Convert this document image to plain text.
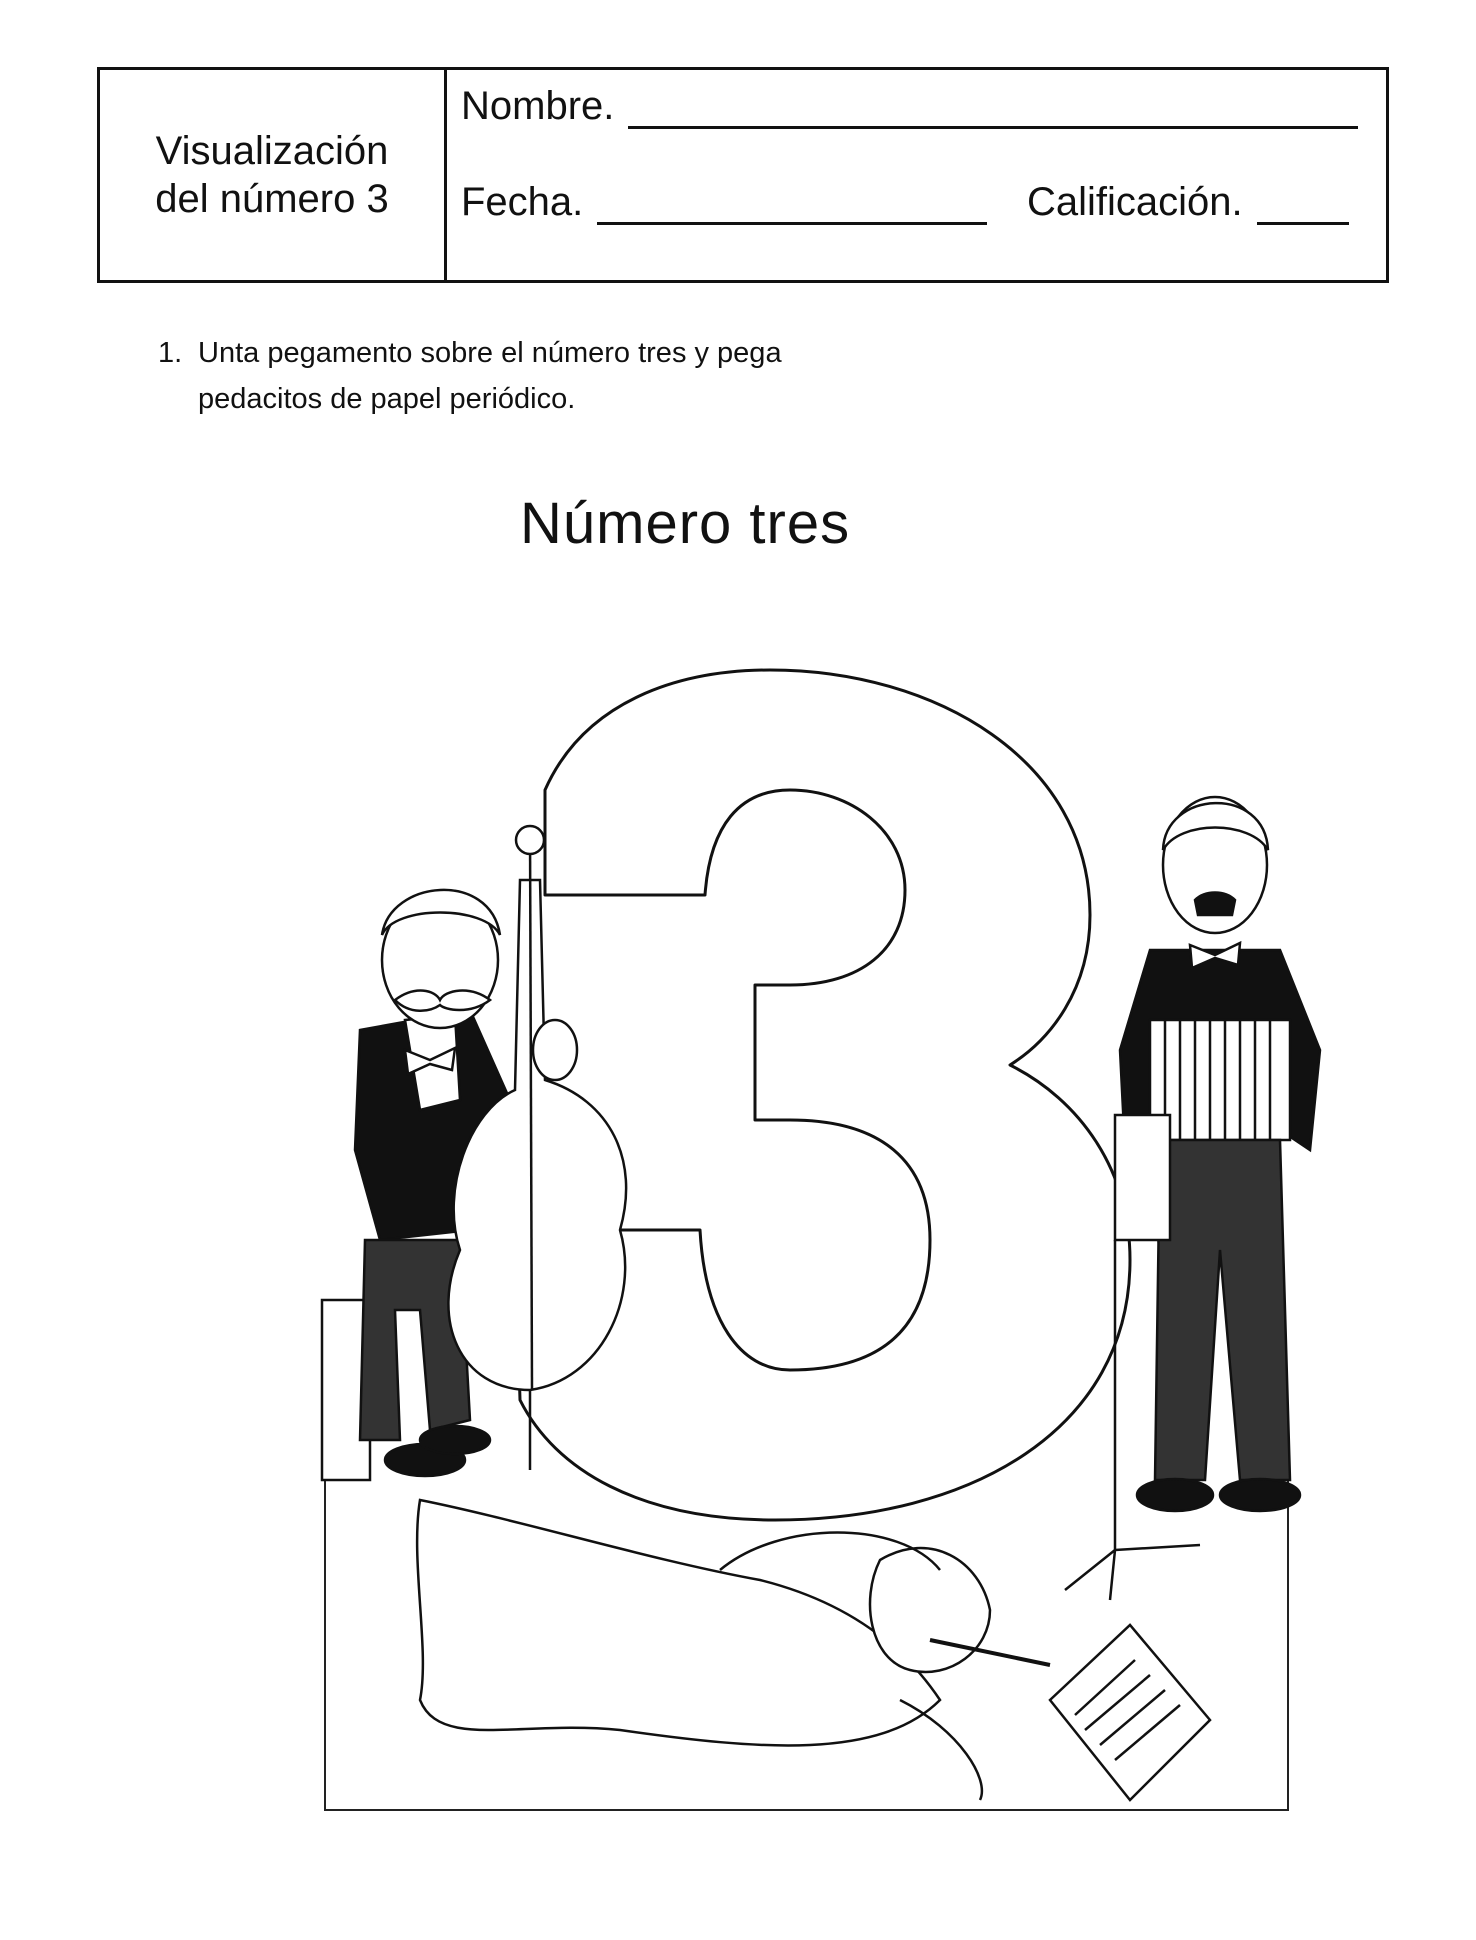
Visualización
del número 3
Nombre.
Fecha.	Calificación.
1. Unta pegamento sobre el número tres y pega pedacitos de papel periódico.
Número tres
